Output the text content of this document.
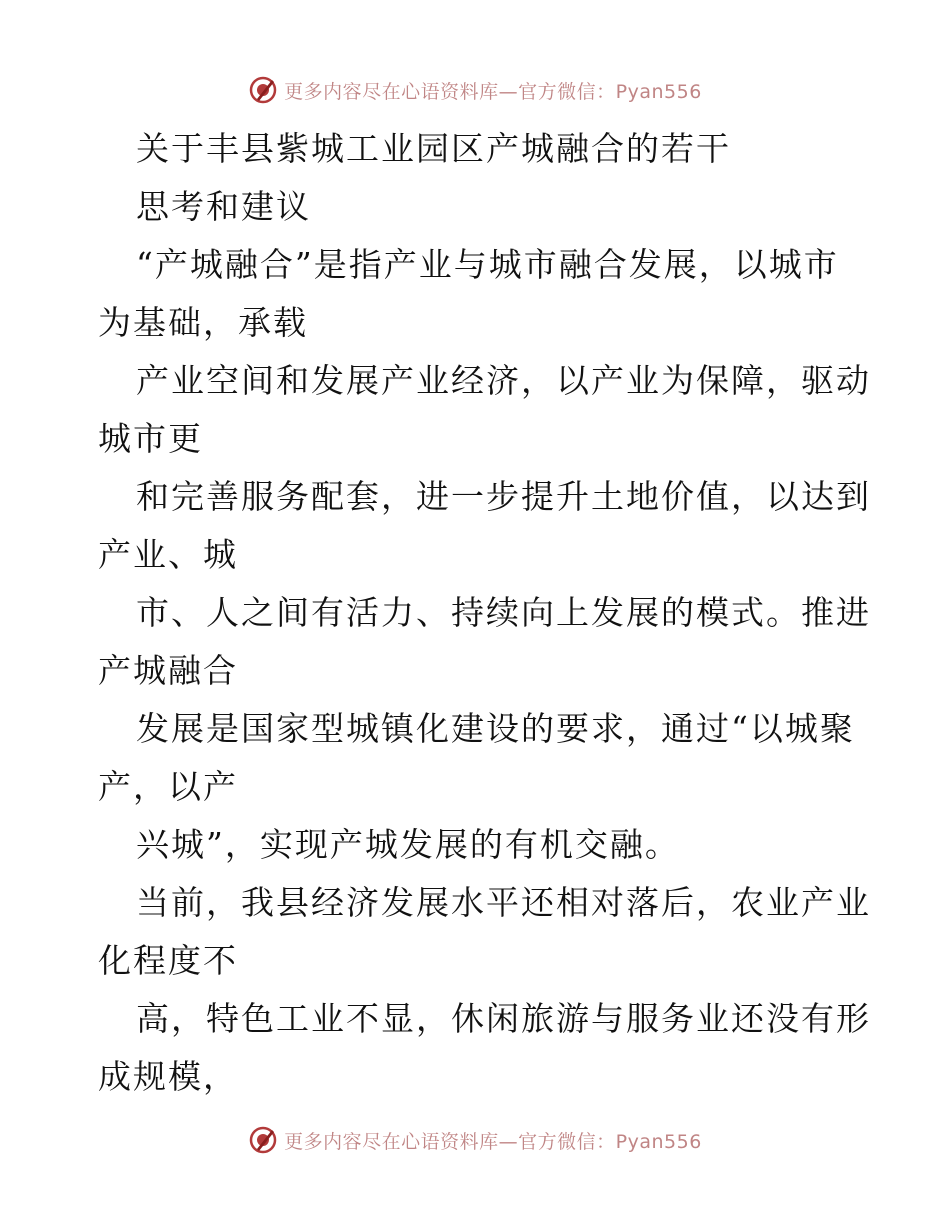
更多内容尽在心语资料库—官方微信：Pyan556
关于丰县紫城工业园区产城融合的若干
思考和建议
“产城融合”是指产业与城市融合发展，以城市
为基础，承载
产业空间和发展产业经济，以产业为保障，驱动
城市更
和完善服务配套，进一步提升土地价值，以达到
产业、城
市、人之间有活力、持续向上发展的模式。推进
产城融合
发展是国家型城镇化建设的要求，通过“以城聚
产，以产
兴城”，实现产城发展的有机交融。
当前，我县经济发展水平还相对落后，农业产业
化程度不
高，特色工业不显，休闲旅游与服务业还没有形
成规模，
更多内容尽在心语资料库—官方微信：Pyan556
